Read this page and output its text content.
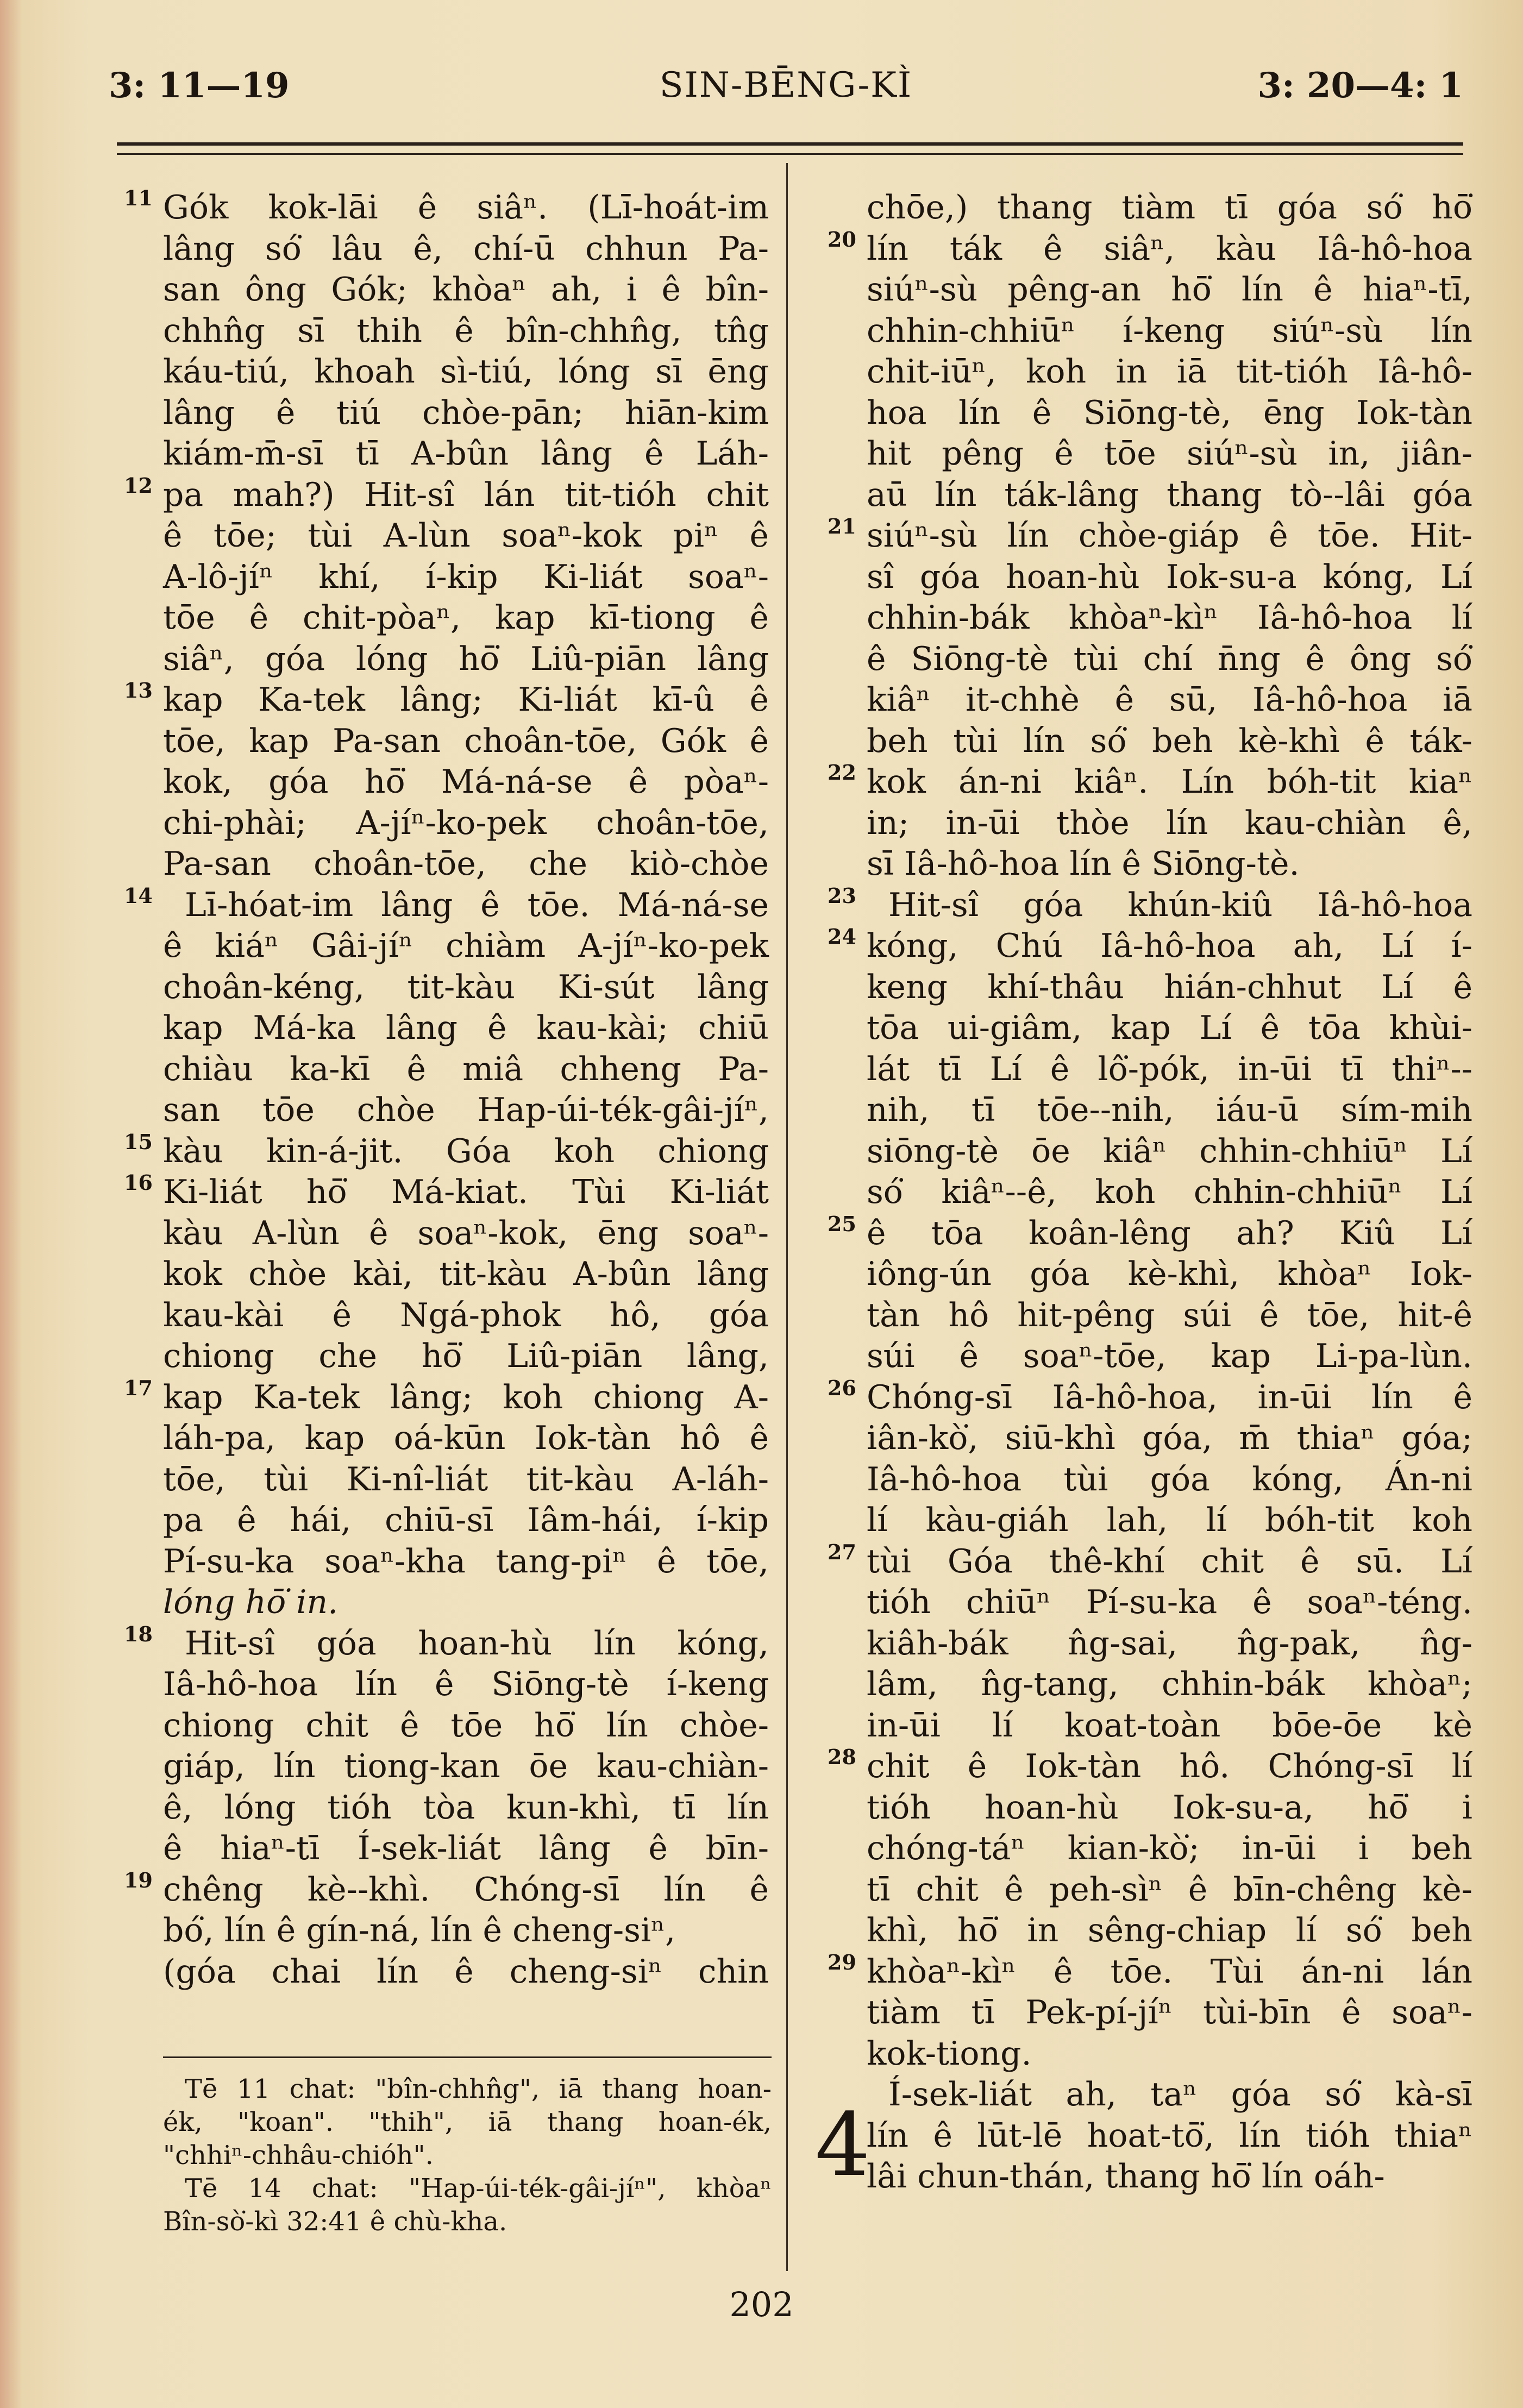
SIN-BĒNG-KÌ
3: 11—19	3: 20—4: 1
11 Gók kok-lāi ê siâⁿ. (Lī-hoát-im
lâng só͘ lâu ê, chí-ū chhun Pa-
san ông Gók; khòaⁿ ah, i ê bîn-
chhn̂g sī thih ê bîn-chhn̂g, tn̂g
káu-tiú, khoah sì-tiú, lóng sī ēng
lâng ê tiú chòe-pān; hiān-kim
kiám-m̄-sī tī A-bûn lâng ê Láh-
12 pa mah?) Hit-sî lán tit-tióh chit
ê tōe; tùi A-lùn soaⁿ-kok piⁿ ê
A-lô-jíⁿ khí, í-kip Ki-liát soaⁿ-
tōe ê chit-pòaⁿ, kap kī-tiong ê
siâⁿ, góa lóng hō͘ Liû-piān lâng
13 kap Ka-tek lâng; Ki-liát kī-û ê
tōe, kap Pa-san choân-tōe, Gók ê
kok, góa hō͘ Má-ná-se ê pòaⁿ-
chi-phài; A-jíⁿ-ko-pek choân-tōe,
Pa-san choân-tōe, che kiò-chòe
14 Lī-hóat-im lâng ê tōe. Má-ná-se
ê kiáⁿ Gâi-jíⁿ chiàm A-jíⁿ-ko-pek
choân-kéng, tit-kàu Ki-sút lâng
kap Má-ka lâng ê kau-kài; chiū
chiàu ka-kī ê miâ chheng Pa-
san tōe chòe Hap-úi-ték-gâi-jíⁿ,
15 kàu kin-á-jit. Góa koh chiong
16 Ki-liát hō͘ Má-kiat. Tùi Ki-liát
kàu A-lùn ê soaⁿ-kok, ēng soaⁿ-
kok chòe kài, tit-kàu A-bûn lâng
kau-kài ê Ngá-phok hô, góa
chiong che hō͘ Liû-piān lâng,
17 kap Ka-tek lâng; koh chiong A-
láh-pa, kap oá-kūn Iok-tàn hô ê
tōe, tùi Ki-nî-liát tit-kàu A-láh-
pa ê hái, chiū-sī Iâm-hái, í-kip
Pí-su-ka soaⁿ-kha tang-piⁿ ê tōe,
lóng hō͘ in.
18 Hit-sî góa hoan-hù lín kóng,
Iâ-hô-hoa lín ê Siōng-tè í-keng
chiong chit ê tōe hō͘ lín chòe-
giáp, lín tiong-kan ōe kau-chiàn-
ê, lóng tióh tòa kun-khì, tī lín
ê hiaⁿ-tī Í-sek-liát lâng ê bīn-
19 chêng kè--khì. Chóng-sī lín ê
bó͘, lín ê gín-ná, lín ê cheng-siⁿ,
(góa chai lín ê cheng-siⁿ chin
chōe,) thang tiàm tī góa só͘ hō͘
20 lín ták ê siâⁿ, kàu Iâ-hô-hoa
siúⁿ-sù pêng-an hō͘ lín ê hiaⁿ-tī,
chhin-chhiūⁿ í-keng siúⁿ-sù lín
chit-iūⁿ, koh in iā tit-tióh Iâ-hô-
hoa lín ê Siōng-tè, ēng Iok-tàn
hit pêng ê tōe siúⁿ-sù in, jiân-
aū lín ták-lâng thang tò--lâi góa
21 siúⁿ-sù lín chòe-giáp ê tōe. Hit-
sî góa hoan-hù Iok-su-a kóng, Lí
chhin-bák khòaⁿ-kìⁿ Iâ-hô-hoa lí
ê Siōng-tè tùi chí n̄ng ê ông só͘
kiâⁿ it-chhè ê sū, Iâ-hô-hoa iā
beh tùi lín só͘ beh kè-khì ê ták-
22 kok án-ni kiâⁿ. Lín bóh-tit kiaⁿ
in; in-ūi thòe lín kau-chiàn ê,
sī Iâ-hô-hoa lín ê Siōng-tè.
23 Hit-sî góa khún-kiû Iâ-hô-hoa
24 kóng, Chú Iâ-hô-hoa ah, Lí í-
keng khí-thâu hián-chhut Lí ê
tōa ui-giâm, kap Lí ê tōa khùi-
lát tī Lí ê lô͘-pók, in-ūi tī thiⁿ--
nih, tī tōe--nih, iáu-ū sím-mih
siōng-tè ōe kiâⁿ chhin-chhiūⁿ Lí
só͘ kiâⁿ--ê, koh chhin-chhiūⁿ Lí
25 ê tōa koân-lêng ah? Kiû Lí
iông-ún góa kè-khì, khòaⁿ Iok-
tàn hô hit-pêng súi ê tōe, hit-ê
súi ê soaⁿ-tōe, kap Li-pa-lùn.
26 Chóng-sī Iâ-hô-hoa, in-ūi lín ê
iân-kò͘, siū-khì góa, m̄ thiaⁿ góa;
Iâ-hô-hoa tùi góa kóng, Án-ni
lí kàu-giáh lah, lí bóh-tit koh
27 tùi Góa thê-khí chit ê sū. Lí
tióh chiūⁿ Pí-su-ka ê soaⁿ-téng.
kiâh-bák n̂g-sai, n̂g-pak, n̂g-
lâm, n̂g-tang, chhin-bák khòaⁿ;
in-ūi lí koat-toàn bōe-ōe kè
28 chit ê Iok-tàn hô. Chóng-sī lí
tióh hoan-hù Iok-su-a, hō͘ i
chóng-táⁿ kian-kò͘; in-ūi i beh
tī chit ê peh-sìⁿ ê bīn-chêng kè-
khì, hō͘ in sêng-chiap lí só͘ beh
29 khòaⁿ-kìⁿ ê tōe. Tùi án-ni lán
tiàm tī Pek-pí-jíⁿ tùi-bīn ê soaⁿ-
kok-tiong.
Í-sek-liát ah, taⁿ góa só͘ kà-sī
lín ê lūt-lē hoat-tō͘, lín tióh thiaⁿ
lâi chun-thán, thang hō͘ lín oáh-
4
Tē 11 chat: "bîn-chhn̂g", iā thang hoan-
ék, "koan". "thih", iā thang hoan-ék,
"chhiⁿ-chhâu-chióh".
Tē 14 chat: "Hap-úi-ték-gâi-jíⁿ", khòaⁿ
Bîn-sò͘-kì 32:41 ê chù-kha.
202
